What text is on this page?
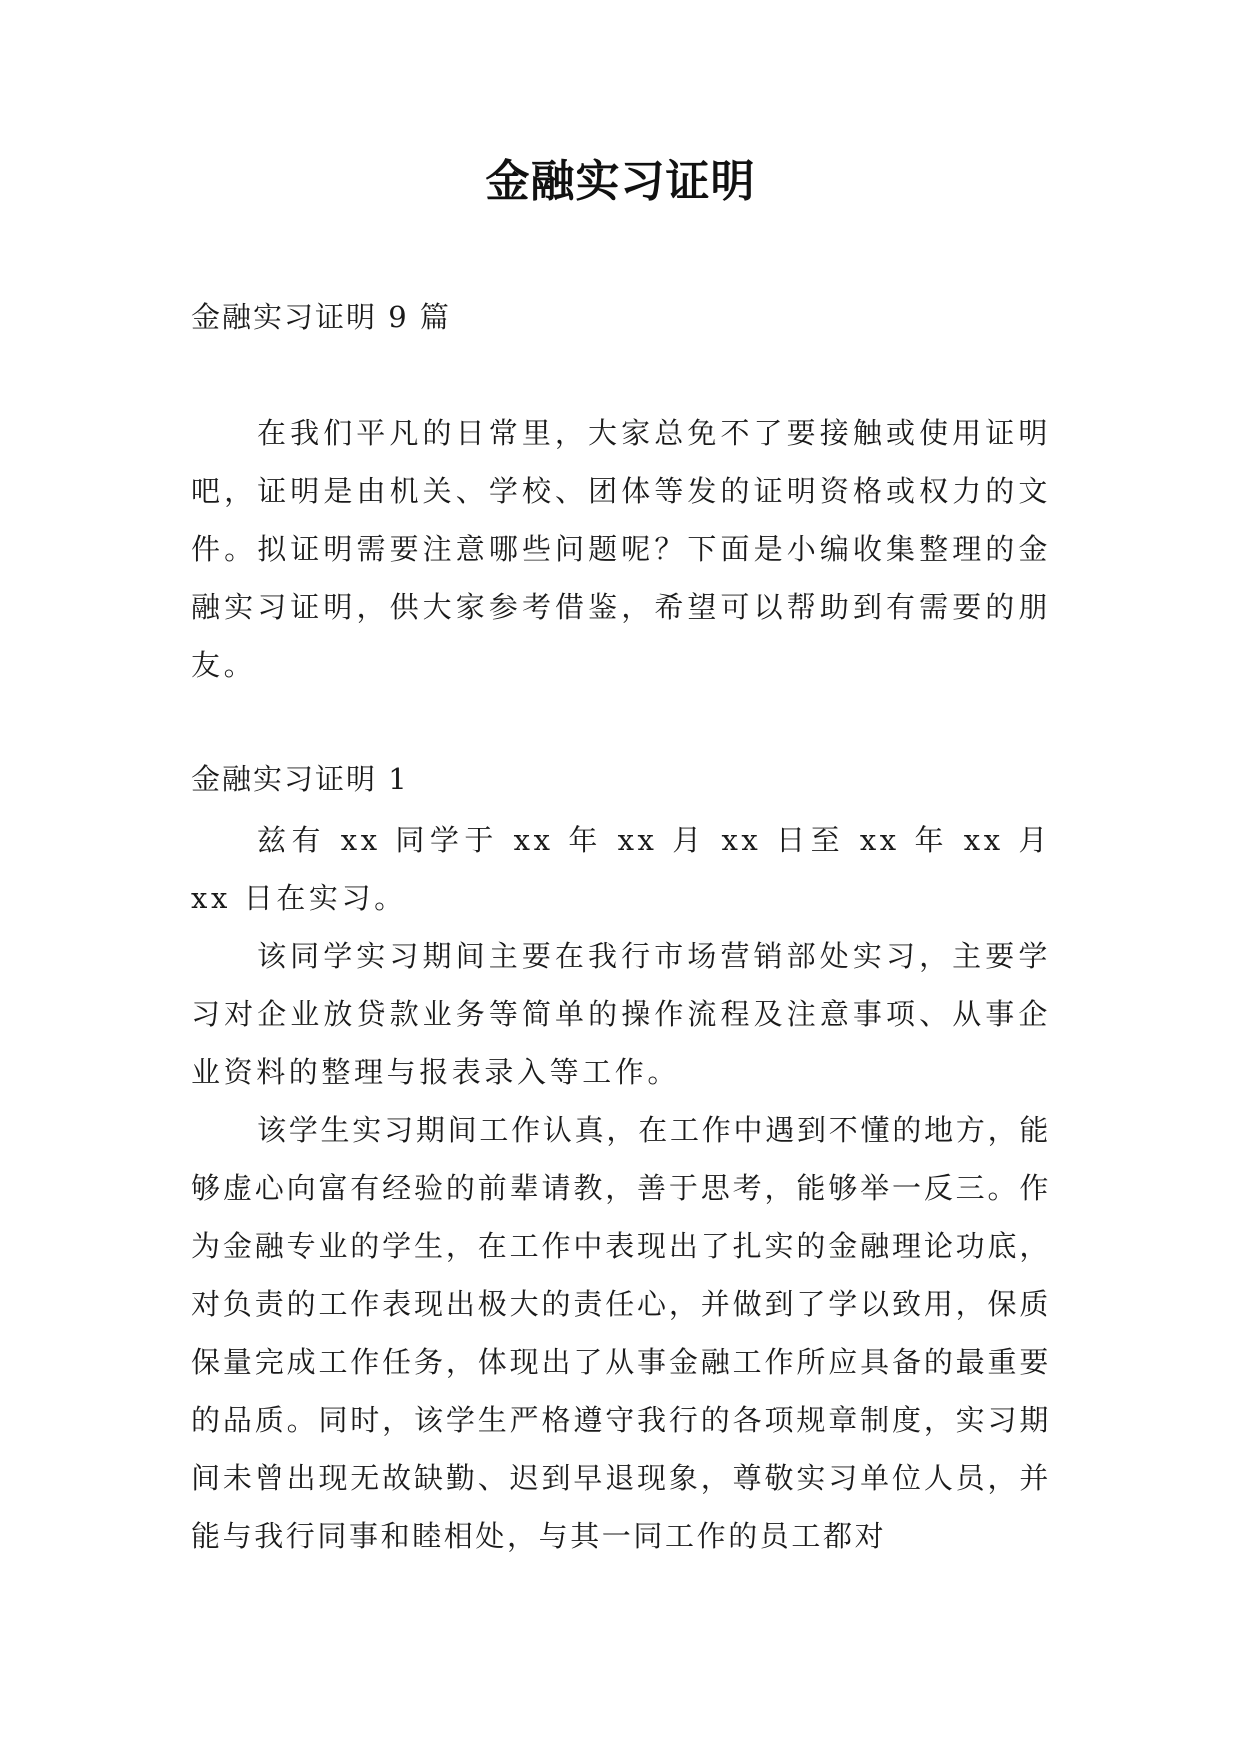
金融实习证明
金融实习证明 9 篇
在我们平凡的日常里，大家总免不了要接触或使用证明吧，证明是由机关、学校、团体等发的证明资格或权力的文件。拟证明需要注意哪些问题呢？下面是小编收集整理的金融实习证明，供大家参考借鉴，希望可以帮助到有需要的朋友。
金融实习证明 1
兹有 xx 同学于 xx 年 xx 月 xx 日至 xx 年 xx 月 xx 日在实习。
该同学实习期间主要在我行市场营销部处实习，主要学习对企业放贷款业务等简单的操作流程及注意事项、从事企业资料的整理与报表录入等工作。
该学生实习期间工作认真，在工作中遇到不懂的地方，能够虚心向富有经验的前辈请教，善于思考，能够举一反三。作为金融专业的学生，在工作中表现出了扎实的金融理论功底，对负责的工作表现出极大的责任心，并做到了学以致用，保质保量完成工作任务，体现出了从事金融工作所应具备的最重要的品质。同时，该学生严格遵守我行的各项规章制度，实习期间未曾出现无故缺勤、迟到早退现象，尊敬实习单位人员，并能与我行同事和睦相处，与其一同工作的员工都对
